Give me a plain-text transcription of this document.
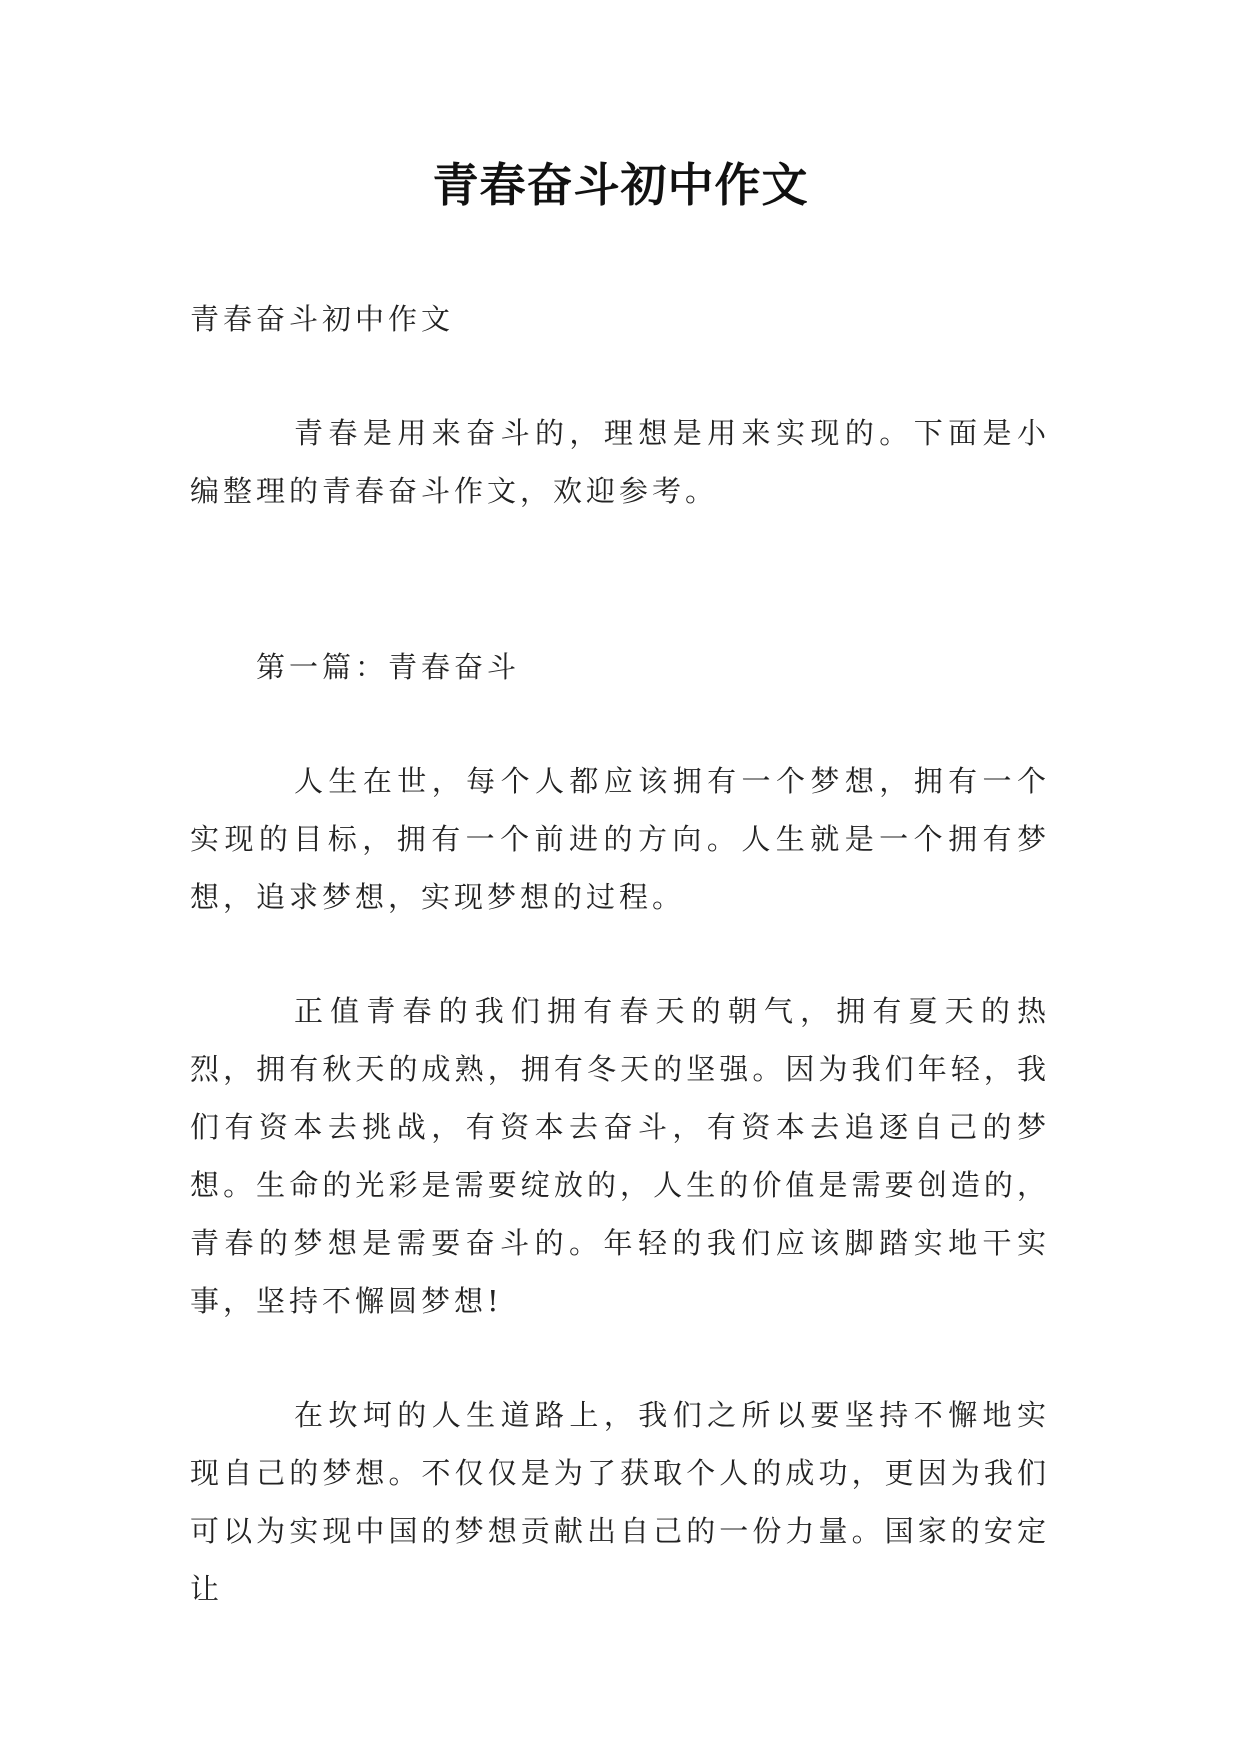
青春奋斗初中作文

青春奋斗初中作文

青春是用来奋斗的，理想是用来实现的。下面是小编整理的青春奋斗作文，欢迎参考。

第一篇：青春奋斗

人生在世，每个人都应该拥有一个梦想，拥有一个实现的目标，拥有一个前进的方向。人生就是一个拥有梦想，追求梦想，实现梦想的过程。

正值青春的我们拥有春天的朝气，拥有夏天的热烈，拥有秋天的成熟，拥有冬天的坚强。因为我们年轻，我们有资本去挑战，有资本去奋斗，有资本去追逐自己的梦想。生命的光彩是需要绽放的，人生的价值是需要创造的，青春的梦想是需要奋斗的。年轻的我们应该脚踏实地干实事，坚持不懈圆梦想!

在坎坷的人生道路上，我们之所以要坚持不懈地实现自己的梦想。不仅仅是为了获取个人的成功，更因为我们可以为实现中国的梦想贡献出自己的一份力量。国家的安定让
